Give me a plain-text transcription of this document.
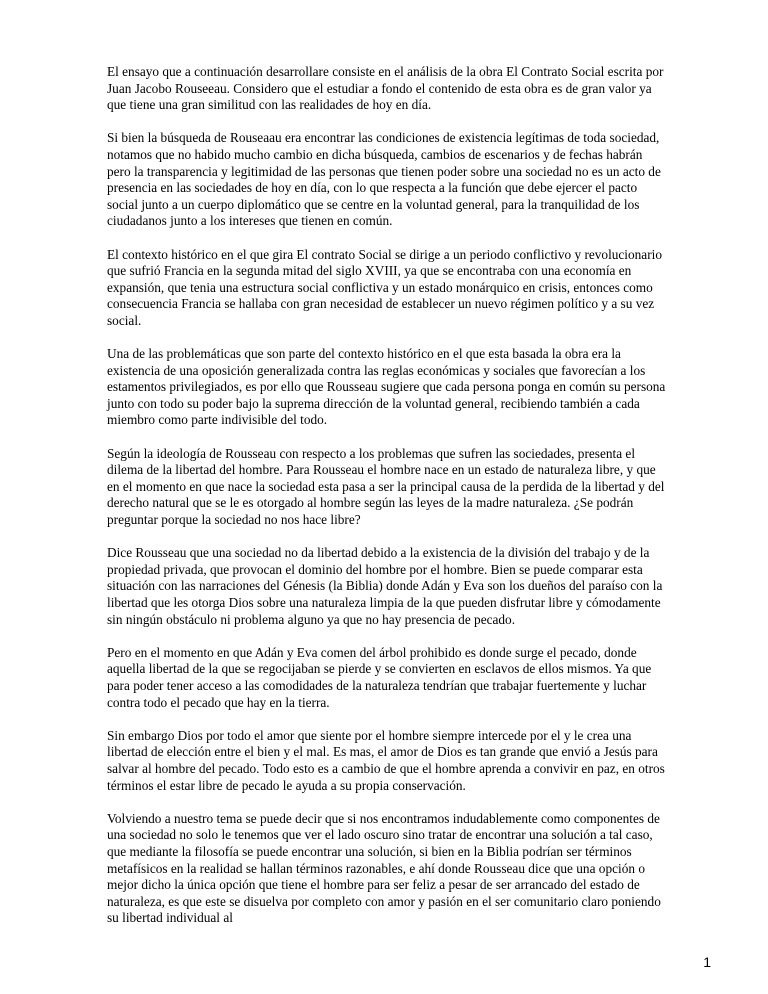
El ensayo que a continuación desarrollare consiste en el análisis de la obra El Contrato Social escrita por Juan Jacobo Rouseeau. Considero que el estudiar a fondo el contenido de esta obra es de gran valor ya que tiene una gran similitud con las realidades de hoy en día.

Si bien la búsqueda de Rouseaau era encontrar las condiciones de existencia legítimas de toda sociedad, notamos que no habido mucho cambio en dicha búsqueda, cambios de escenarios y de fechas habrán pero la transparencia y legitimidad de las personas que tienen poder sobre una sociedad no es un acto de presencia en las sociedades de hoy en día, con lo que respecta a la función que debe ejercer el pacto social junto a un cuerpo diplomático que se centre en la voluntad general, para la tranquilidad de los ciudadanos junto a los intereses que tienen en común.

El contexto histórico en el que gira El contrato Social se dirige a un periodo conflictivo y revolucionario que sufrió Francia en la segunda mitad del siglo XVIII, ya que se encontraba con una economía en expansión, que tenia una estructura social conflictiva y un estado monárquico en crisis, entonces como consecuencia Francia se hallaba con gran necesidad de establecer un nuevo régimen político y a su vez social.

Una de las problemáticas que son parte del contexto histórico en el que esta basada la obra era la existencia de una oposición generalizada contra las reglas económicas y sociales que favorecían a los estamentos privilegiados, es por ello que Rousseau sugiere que cada persona ponga en común su persona junto con todo su poder bajo la suprema dirección de la voluntad general, recibiendo también a cada miembro como parte indivisible del todo.

Según la ideología de Rousseau con respecto a los problemas que sufren las sociedades, presenta el dilema de la libertad del hombre. Para Rousseau el hombre nace en un estado de naturaleza libre, y que en el momento en que nace la sociedad esta pasa a ser la principal causa de la perdida de la libertad y del derecho natural que se le es otorgado al hombre según las leyes de la madre naturaleza. ¿Se podrán preguntar porque la sociedad no nos hace libre?

Dice Rousseau que una sociedad no da libertad debido a la existencia de la división del trabajo y de la propiedad privada, que provocan el dominio del hombre por el hombre. Bien se puede comparar esta situación con las narraciones del Génesis (la Biblia) donde Adán y Eva son los dueños del paraíso con la libertad que les otorga Dios sobre una naturaleza limpia de la que pueden disfrutar libre y cómodamente sin ningún obstáculo ni problema alguno ya que no hay presencia de pecado.

Pero en el momento en que Adán y Eva comen del árbol prohibido es donde surge el pecado, donde aquella libertad de la que se regocijaban se pierde y se convierten en esclavos de ellos mismos. Ya que para poder tener acceso a las comodidades de la naturaleza tendrían que trabajar fuertemente y luchar contra todo el pecado que hay en la tierra.

Sin embargo Dios por todo el amor que siente por el hombre siempre intercede por el y le crea una libertad de elección entre el bien y el mal. Es mas, el amor de Dios es tan grande que envió a Jesús para salvar al hombre del pecado. Todo esto es a cambio de que el hombre aprenda a convivir en paz, en otros términos el estar libre de pecado le ayuda a su propia conservación.

Volviendo a nuestro tema se puede decir que si nos encontramos indudablemente como componentes de una sociedad no solo le tenemos que ver el lado oscuro sino tratar de encontrar una solución a tal caso, que mediante la filosofía se puede encontrar una solución, si bien en la Biblia podrían ser términos metafísicos en la realidad se hallan términos razonables, e ahí donde Rousseau dice que una opción o mejor dicho la única opción que tiene el hombre para ser feliz a pesar de ser arrancado del estado de naturaleza, es que este se disuelva por completo con amor y pasión en el ser comunitario claro poniendo su libertad individual al

1
